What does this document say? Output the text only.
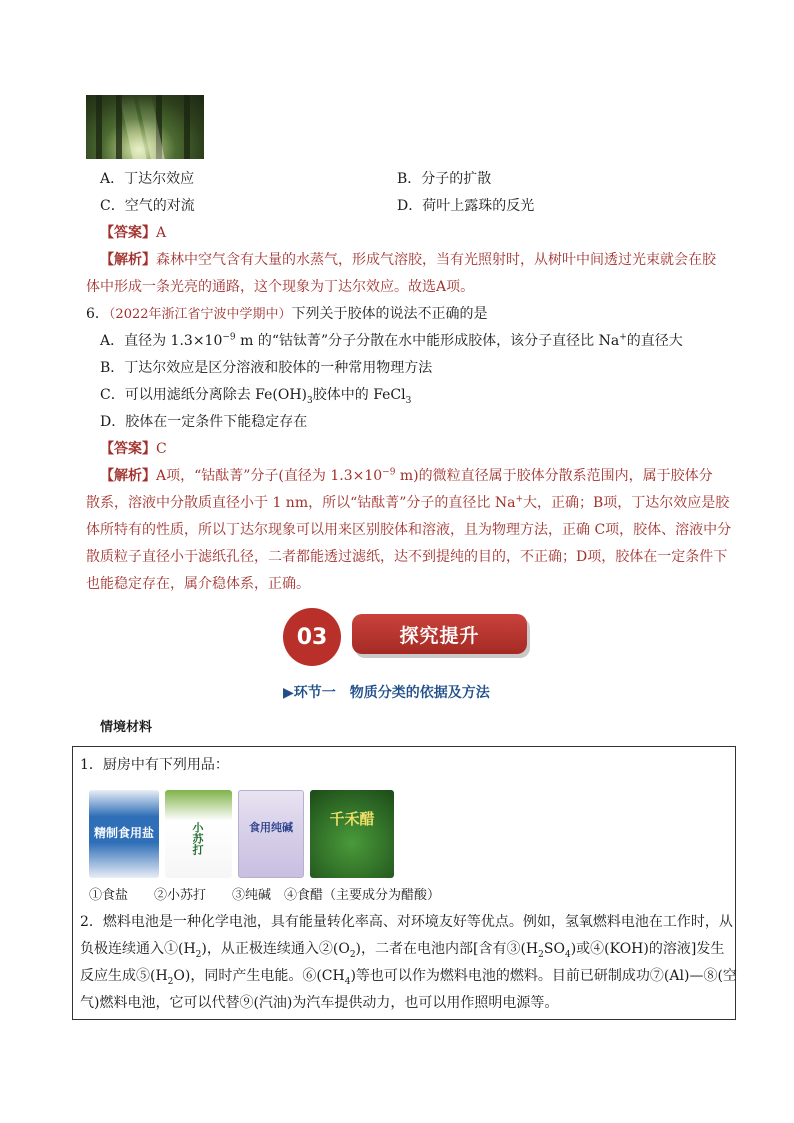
A．丁达尔效应	B．分子的扩散
C．空气的对流	D．荷叶上露珠的反光
【答案】A
【解析】森林中空气含有大量的水蒸气，形成气溶胶，当有光照射时，从树叶中间透过光束就会在胶
体中形成一条光亮的通路，这个现象为丁达尔效应。故选A项。
6．（2022年浙江省宁波中学期中）下列关于胶体的说法不正确的是
A．直径为 $1.3\times 10^{-9}$ m 的“钴钛菁”分子分散在水中能形成胶体，该分子直径比 Na+的直径大
B．丁达尔效应是区分溶液和胶体的一种常用物理方法
C．可以用滤纸分离除去 $Fe(OH)_3$胶体中的 FeCl$_3$
D．胶体在一定条件下能稳定存在
【答案】C
【解析】A项，“钴酞菁”分子(直径为 $1.3\times 10^{-9}$ m)的微粒直径属于胶体分散系范围内，属于胶体分
散系，溶液中分散质直径小于 1 nm，所以“钴酞菁”分子的直径比 Na+大，正确；B项，丁达尔效应是胶
体所特有的性质，所以丁达尔现象可以用来区别胶体和溶液，且为物理方法，正确 C项，胶体、溶液中分
散质粒子直径小于滤纸孔径，二者都能透过滤纸，达不到提纯的目的，不正确；D项，胶体在一定条件下
也能稳定存在，属介稳体系，正确。
03	探究提升
▶环节一　物质分类的依据及方法
情境材料
1．厨房中有下列用品：
精制食用盐	小苏打	食用纯碱	千禾醋
①食盐　　②小苏打　　③纯碱　④食醋（主要成分为醋酸）
2．燃料电池是一种化学电池，具有能量转化率高、对环境友好等优点。例如，氢氧燃料电池在工作时，从
负极连续通入$①(H_2)$，从正极连续通入$②(O_2)$，二者在电池内部[含有$③(H_2SO_4)$或④(KOH)的溶液]发生
反应生成$⑤(H_2O)$，同时产生电能。$⑥(CH_4)$等也可以作为燃料电池的燃料。目前已研制成功⑦(Al)—⑧(空
气)燃料电池，它可以代替⑨(汽油)为汽车提供动力，也可以用作照明电源等。
